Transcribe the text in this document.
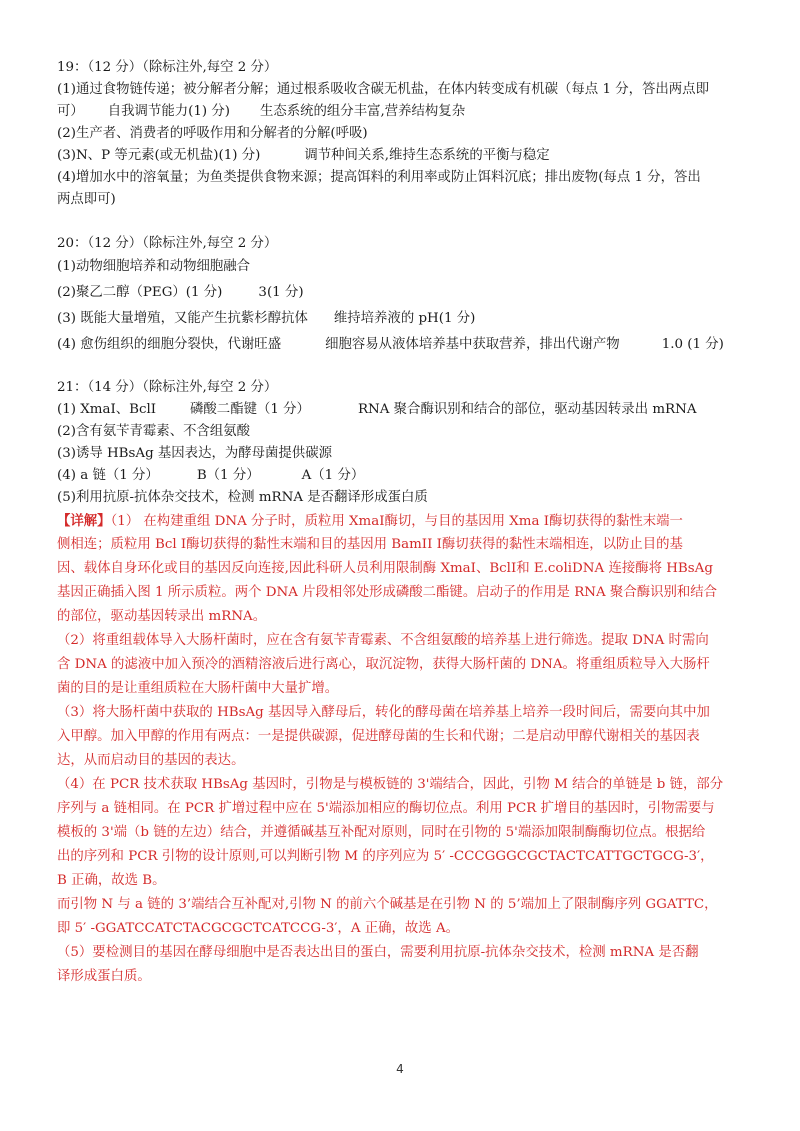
19：（12 分）（除标注外,每空 2 分）
(1)通过食物链传递；被分解者分解；通过根系吸收含碳无机盐，在体内转变成有机碳（每点 1 分，答出两点即
可） 自我调节能力(1) 分) 生态系统的组分丰富,营养结构复杂
(2)生产者、消费者的呼吸作用和分解者的分解(呼吸)
(3)N、P 等元素(或无机盐)(1) 分)	调节种间关系,维持生态系统的平衡与稳定
(4)增加水中的溶氧量；为鱼类提供食物来源；提高饵料的利用率或防止饵料沉底；排出废物(每点 1 分，答出
两点即可)
20：（12 分）（除标注外,每空 2 分）
(1)动物细胞培养和动物细胞融合
(2)聚乙二醇（PEG）(1 分)	3(1 分)
(3) 既能大量增殖，又能产生抗紫杉醇抗体 维持培养液的 pH(1 分)
(4) 愈伤组织的细胞分裂快，代谢旺盛	细胞容易从液体培养基中获取营养，排出代谢产物	1.0 (1 分)
21：（14 分）（除标注外,每空 2 分）
(1) XmaⅠ、BclⅠ	磷酸二酯键（1 分）	RNA 聚合酶识别和结合的部位，驱动基因转录出 mRNA
(2)含有氨苄青霉素、不含组氨酸
(3)诱导 HBsAg 基因表达，为酵母菌提供碳源
(4) a 链（1 分）	B（1 分）	A（1 分）
(5)利用抗原-抗体杂交技术，检测 mRNA 是否翻译形成蛋白质
【详解】（1） 在构建重组 DNA 分子时，质粒用 XmaⅠ酶切，与目的基因用 Xma Ⅰ酶切获得的黏性末端一
侧相连；质粒用 Bcl Ⅰ酶切获得的黏性末端和目的基因用 BamII Ⅰ酶切获得的黏性末端相连，以防止目的基
因、载体自身环化或目的基因反向连接,因此科研人员利用限制酶 XmaⅠ、BclⅠ和 E.coliDNA 连接酶将 HBsAg
基因正确插入图 1 所示质粒。两个 DNA 片段相邻处形成磷酸二酯键。启动子的作用是 RNA 聚合酶识别和结合
的部位，驱动基因转录出 mRNA。
（2）将重组载体导入大肠杆菌时，应在含有氨苄青霉素、不含组氨酸的培养基上进行筛选。提取 DNA 时需向
含 DNA 的滤液中加入预冷的酒精溶液后进行离心，取沉淀物，获得大肠杆菌的 DNA。将重组质粒导入大肠杆
菌的目的是让重组质粒在大肠杆菌中大量扩增。
（3）将大肠杆菌中获取的 HBsAg 基因导入酵母后，转化的酵母菌在培养基上培养一段时间后，需要向其中加
入甲醇。加入甲醇的作用有两点：一是提供碳源，促进酵母菌的生长和代谢；二是启动甲醇代谢相关的基因表
达，从而启动目的基因的表达。
（4）在 PCR 技术获取 HBsAg 基因时，引物是与模板链的 3'端结合，因此，引物 M 结合的单链是 b 链，部分
序列与 a 链相同。在 PCR 扩增过程中应在 5'端添加相应的酶切位点。利用 PCR 扩增目的基因时，引物需要与
模板的 3'端（b 链的左边）结合，并遵循碱基互补配对原则，同时在引物的 5'端添加限制酶酶切位点。根据给
出的序列和 PCR 引物的设计原则,可以判断引物 M 的序列应为 5′ -CCCGGGCGCTACTCATTGCTGCG-3′，
B 正确，故选 B。
而引物 N 与 a 链的 3’端结合互补配对,引物 N 的前六个碱基是在引物 N 的 5’端加上了限制酶序列 GGATTC，
即 5′ -GGATCCATCTACGCGCTCATCCG-3′，A 正确，故选 A。
（5）要检测目的基因在酵母细胞中是否表达出目的蛋白，需要利用抗原-抗体杂交技术，检测 mRNA 是否翻
译形成蛋白质。
4
